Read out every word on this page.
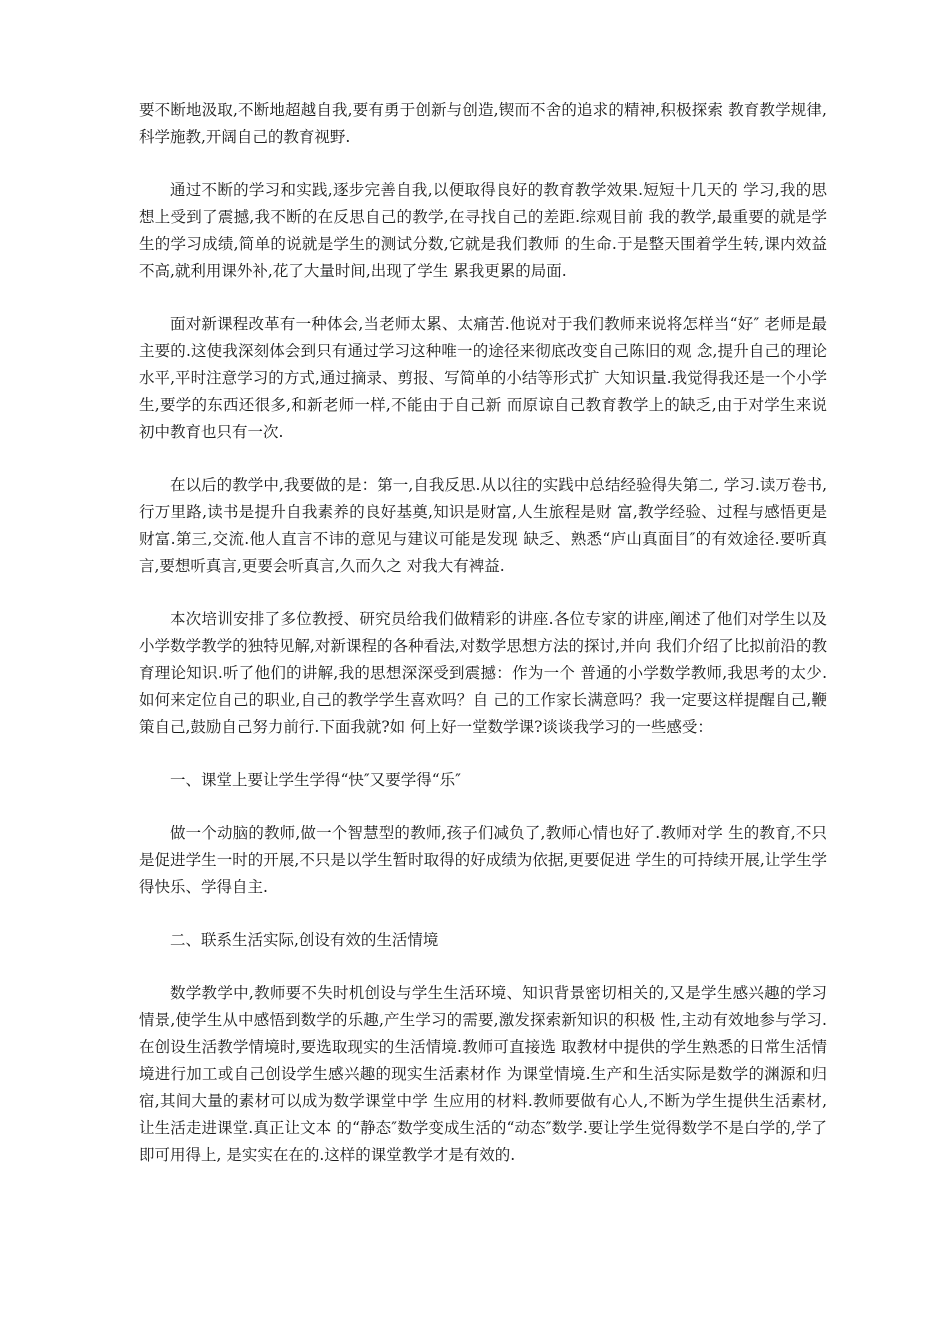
要不断地汲取,不断地超越自我,要有勇于创新与创造,锲而不舍的追求的精神,积极探索 教育教学规律,科学施教,开阔自己的教育视野.

通过不断的学习和实践,逐步完善自我,以便取得良好的教育教学效果.短短十几天的 学习,我的思想上受到了震撼,我不断的在反思自己的教学,在寻找自己的差距.综观目前 我的教学,最重要的就是学生的学习成绩,简单的说就是学生的测试分数,它就是我们教师 的生命.于是整天围着学生转,课内效益不高,就利用课外补,花了大量时间,出现了学生 累我更累的局面.

面对新课程改革有一种体会,当老师太累、太痛苦.他说对于我们教师来说将怎样当“好″ 老师是最主要的.这使我深刻体会到只有通过学习这种唯一的途径来彻底改变自己陈旧的观 念,提升自己的理论水平,平时注意学习的方式,通过摘录、剪报、写简单的小结等形式扩 大知识量.我觉得我还是一个小学生,要学的东西还很多,和新老师一样,不能由于自己新 而原谅自己教育教学上的缺乏,由于对学生来说初中教育也只有一次.

在以后的教学中,我要做的是：第一,自我反思.从以往的实践中总结经验得失第二, 学习.读万卷书,行万里路,读书是提升自我素养的良好基奠,知识是财富,人生旅程是财 富,教学经验、过程与感悟更是财富.第三,交流.他人直言不讳的意见与建议可能是发现 缺乏、熟悉“庐山真面目″的有效途径.要听真言,要想听真言,更要会听真言,久而久之 对我大有裨益.

本次培训安排了多位教授、研究员给我们做精彩的讲座.各位专家的讲座,阐述了他们对学生以及小学数学教学的独特见解,对新课程的各种看法,对数学思想方法的探讨,并向 我们介绍了比拟前沿的教育理论知识.听了他们的讲解,我的思想深深受到震撼：作为一个 普通的小学数学教师,我思考的太少.如何来定位自己的职业,自己的教学学生喜欢吗？自 己的工作家长满意吗？我一定要这样提醒自己,鞭策自己,鼓励自己努力前行.下面我就?如 何上好一堂数学课?谈谈我学习的一些感受：

一、课堂上要让学生学得“快″又要学得“乐″

做一个动脑的教师,做一个智慧型的教师,孩子们减负了,教师心情也好了.教师对学 生的教育,不只是促进学生一时的开展,不只是以学生暂时取得的好成绩为依据,更要促进 学生的可持续开展,让学生学得快乐、学得自主.

二、联系生活实际,创设有效的生活情境

数学教学中,教师要不失时机创设与学生生活环境、知识背景密切相关的,又是学生感兴趣的学习情景,使学生从中感悟到数学的乐趣,产生学习的需要,激发探索新知识的积极 性,主动有效地参与学习.在创设生活教学情境时,要选取现实的生活情境.教师可直接选 取教材中提供的学生熟悉的日常生活情境进行加工或自己创设学生感兴趣的现实生活素材作 为课堂情境.生产和生活实际是数学的渊源和归宿,其间大量的素材可以成为数学课堂中学 生应用的材料.教师要做有心人,不断为学生提供生活素材,让生活走进课堂.真正让文本 的“静态″数学变成生活的“动态″数学.要让学生觉得数学不是白学的,学了即可用得上, 是实实在在的.这样的课堂教学才是有效的.
